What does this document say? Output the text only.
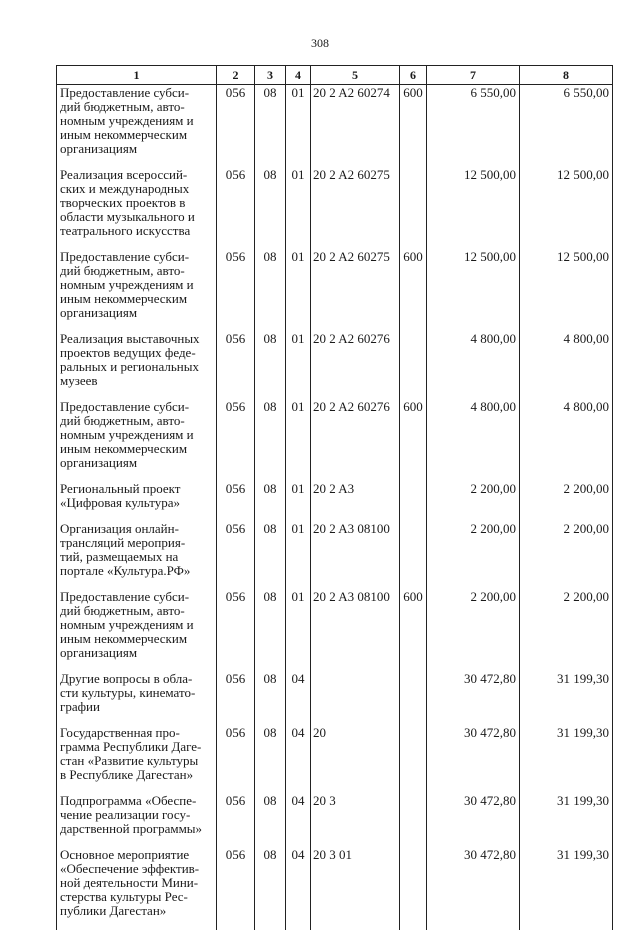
308
1	2	3	4	5	6	7	8
Предоставление субси-
дий бюджетным, авто-
номным учреждениям и
иным некоммерческим
организациям	056	08	01	20 2 A2 60274	600	6 550,00	6 550,00
Реализация всероссий-
ских и международных
творческих проектов в
области музыкального и
театрального искусства	056	08	01	20 2 A2 60275		12 500,00	12 500,00
Предоставление субси-
дий бюджетным, авто-
номным учреждениям и
иным некоммерческим
организациям	056	08	01	20 2 A2 60275	600	12 500,00	12 500,00
Реализация выставочных
проектов ведущих феде-
ральных и региональных
музеев	056	08	01	20 2 A2 60276		4 800,00	4 800,00
Предоставление субси-
дий бюджетным, авто-
номным учреждениям и
иным некоммерческим
организациям	056	08	01	20 2 A2 60276	600	4 800,00	4 800,00
Региональный проект
«Цифровая культура»	056	08	01	20 2 A3		2 200,00	2 200,00
Организация онлайн-
трансляций мероприя-
тий, размещаемых на
портале «Культура.РФ»	056	08	01	20 2 A3 08100		2 200,00	2 200,00
Предоставление субси-
дий бюджетным, авто-
номным учреждениям и
иным некоммерческим
организациям	056	08	01	20 2 A3 08100	600	2 200,00	2 200,00
Другие вопросы в обла-
сти культуры, кинемато-
графии	056	08	04			30 472,80	31 199,30
Государственная про-
грамма Республики Даге-
стан «Развитие культуры
в Республике Дагестан»	056	08	04	20		30 472,80	31 199,30
Подпрограмма «Обеспе-
чение реализации госу-
дарственной программы»	056	08	04	20 3		30 472,80	31 199,30
Основное мероприятие
«Обеспечение эффектив-
ной деятельности Мини-
стерства культуры Рес-
публики Дагестан»	056	08	04	20 3 01		30 472,80	31 199,30
